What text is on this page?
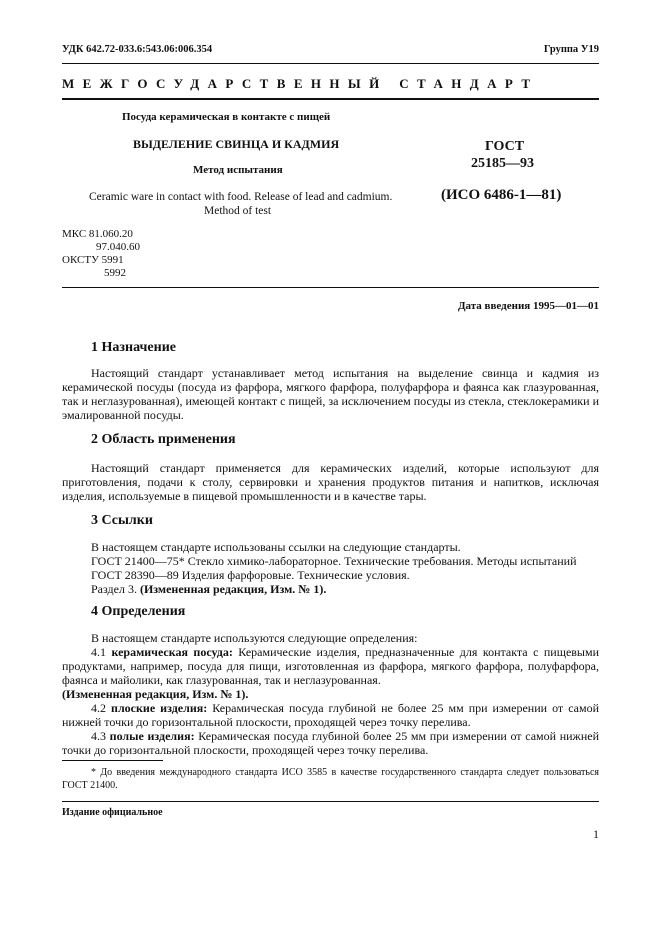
УДК 642.72-033.6:543.06:006.354	Группа У19
МЕЖГОСУДАРСТВЕННЫЙ СТАНДАРТ
Посуда керамическая в контакте с пищей
ВЫДЕЛЕНИЕ СВИНЦА И КАДМИЯ
Метод испытания
Ceramic ware in contact with food. Release of lead and cadmium.
Method of test
ГОСТ
25185—93
(ИСО 6486-1—81)
МКС 81.060.20
97.040.60
ОКСТУ 5991
5992
Дата введения 1995—01—01
1 Назначение
Настоящий стандарт устанавливает метод испытания на выделение свинца и кадмия из керамической посуды (посуда из фарфора, мягкого фарфора, полуфарфора и фаянса как глазурованная, так и неглазурованная), имеющей контакт с пищей, за исключением посуды из стекла, стеклокерамики и эмалированной посуды.
2 Область применения
Настоящий стандарт применяется для керамических изделий, которые используют для приготовления, подачи к столу, сервировки и хранения продуктов питания и напитков, исключая изделия, используемые в пищевой промышленности и в качестве тары.
3 Ссылки
В настоящем стандарте использованы ссылки на следующие стандарты.
ГОСТ 21400—75* Стекло химико-лабораторное. Технические требования. Методы испытаний
ГОСТ 28390—89 Изделия фарфоровые. Технические условия.
Раздел 3. (Измененная редакция, Изм. № 1).
4 Определения
В настоящем стандарте используются следующие определения:
4.1 керамическая посуда: Керамические изделия, предназначенные для контакта с пищевыми продуктами, например, посуда для пищи, изготовленная из фарфора, мягкого фарфора, полуфарфора, фаянса и майолики, как глазурованная, так и неглазурованная.
(Измененная редакция, Изм. № 1).
4.2 плоские изделия: Керамическая посуда глубиной не более 25 мм при измерении от самой нижней точки до горизонтальной плоскости, проходящей через точку перелива.
4.3 полые изделия: Керамическая посуда глубиной более 25 мм при измерении от самой нижней точки до горизонтальной плоскости, проходящей через точку перелива.
* До введения международного стандарта ИСО 3585 в качестве государственного стандарта следует пользоваться ГОСТ 21400.
Издание официальное
1
